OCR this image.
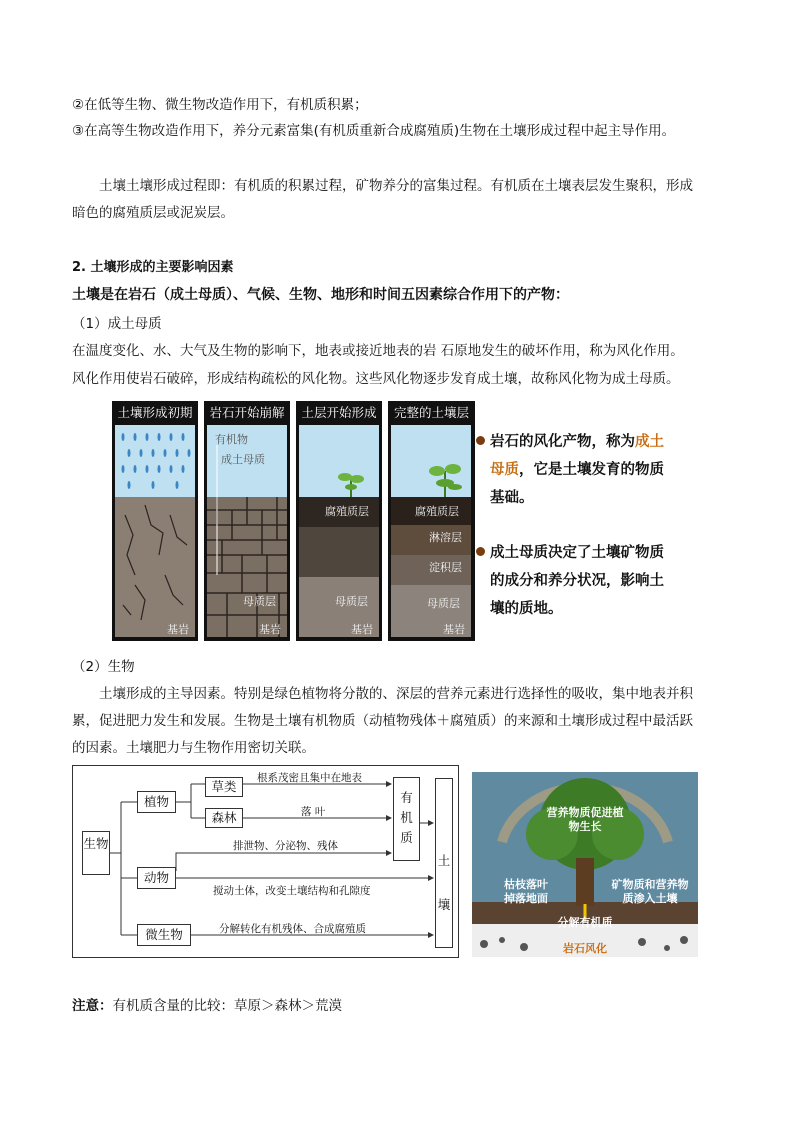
②在低等生物、微生物改造作用下，有机质积累；
③在高等生物改造作用下，养分元素富集(有机质重新合成腐殖质)生物在土壤形成过程中起主导作用。
土壤土壤形成过程即：有机质的积累过程，矿物养分的富集过程。有机质在土壤表层发生聚积，形成
暗色的腐殖质层或泥炭层。
2. 土壤形成的主要影响因素
土壤是在岩石（成土母质）、气候、生物、地形和时间五因素综合作用下的产物：
（1）成土母质
在温度变化、水、大气及生物的影响下，地表或接近地表的岩 石原地发生的破坏作用，称为风化作用。
风化作用使岩石破碎，形成结构疏松的风化物。这些风化物逐步发育成土壤，故称风化物为成土母质。
土壤形成初期
基岩
岩石开始崩解
有机物
成土母质
母质层
基岩
土层开始形成
腐殖质层
母质层
基岩
完整的土壤层
腐殖质层
淋溶层
淀积层
母质层
基岩
岩石的风化产物，称为成土
母质，它是土壤发育的物质
基础。
成土母质决定了土壤矿物质
的成分和养分状况，影响土
壤的质地。
（2）生物
土壤形成的主导因素。特别是绿色植物将分散的、深层的营养元素进行选择性的吸收，集中地表并积
累，促进肥力发生和发展。生物是土壤有机物质（动植物残体＋腐殖质）的来源和土壤形成过程中最活跃
的因素。土壤肥力与生物作用密切关联。
生物
植物
草类
森林
动物
微生物
有机质
土壤
根系茂密且集中在地表
落 叶
排泄物、分泌物、残体
搅动土体，改变土壤结构和孔隙度
分解转化有机残体、合成腐殖质
营养物质促进植物生长
枯枝落叶掉落地面
矿物质和营养物质渗入土壤
分解有机质
岩石风化
注意：有机质含量的比较：草原＞森林＞荒漠
